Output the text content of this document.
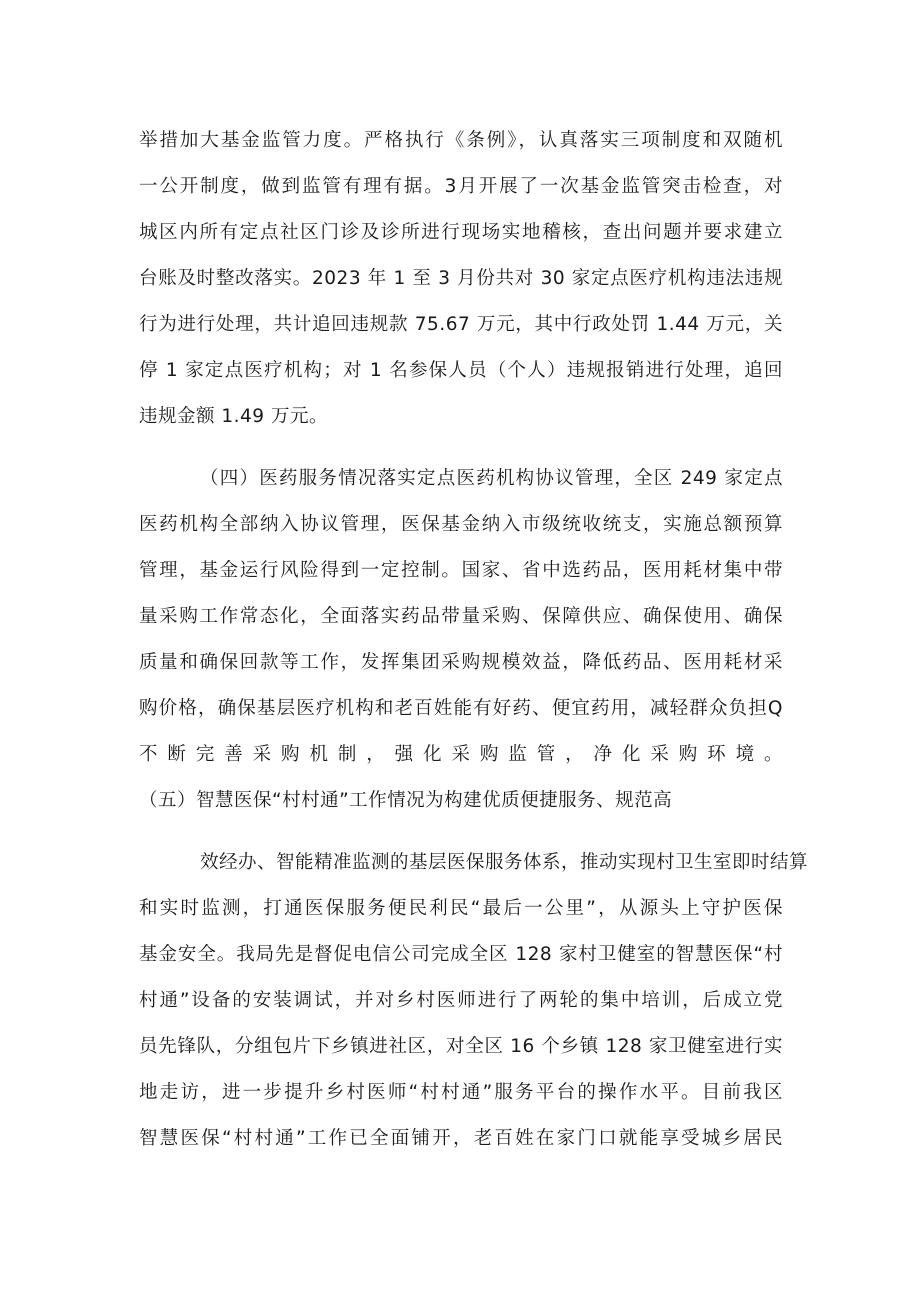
举措加大基金监管力度。严格执行《条例》，认真落实三项制度和双随机
一公开制度，做到监管有理有据。3月开展了一次基金监管突击检查，对
城区内所有定点社区门诊及诊所进行现场实地稽核，查出问题并要求建立
台账及时整改落实。2023 年 1 至 3 月份共对 30 家定点医疗机构违法违规
行为进行处理，共计追回违规款 75.67 万元，其中行政处罚 1.44 万元，关
停 1 家定点医疗机构；对 1 名参保人员（个人）违规报销进行处理，追回
违规金额 1.49 万元。
（四）医药服务情况落实定点医药机构协议管理，全区 249 家定点
医药机构全部纳入协议管理，医保基金纳入市级统收统支，实施总额预算
管理，基金运行风险得到一定控制。国家、省中选药品，医用耗材集中带
量采购工作常态化，全面落实药品带量采购、保障供应、确保使用、确保
质量和确保回款等工作，发挥集团采购规模效益，降低药品、医用耗材采
购价格，确保基层医疗机构和老百姓能有好药、便宜药用，减轻群众负担Q
不断完善采购机制，强化采购监管，净化采购环境。
（五）智慧医保“村村通”工作情况为构建优质便捷服务、规范高
效经办、智能精准监测的基层医保服务体系，推动实现村卫生室即时结算
和实时监测，打通医保服务便民利民“最后一公里”，从源头上守护医保
基金安全。我局先是督促电信公司完成全区 128 家村卫健室的智慧医保“村
村通”设备的安装调试，并对乡村医师进行了两轮的集中培训，后成立党
员先锋队，分组包片下乡镇进社区，对全区 16 个乡镇 128 家卫健室进行实
地走访，进一步提升乡村医师“村村通”服务平台的操作水平。目前我区
智慧医保“村村通”工作已全面铺开，老百姓在家门口就能享受城乡居民
